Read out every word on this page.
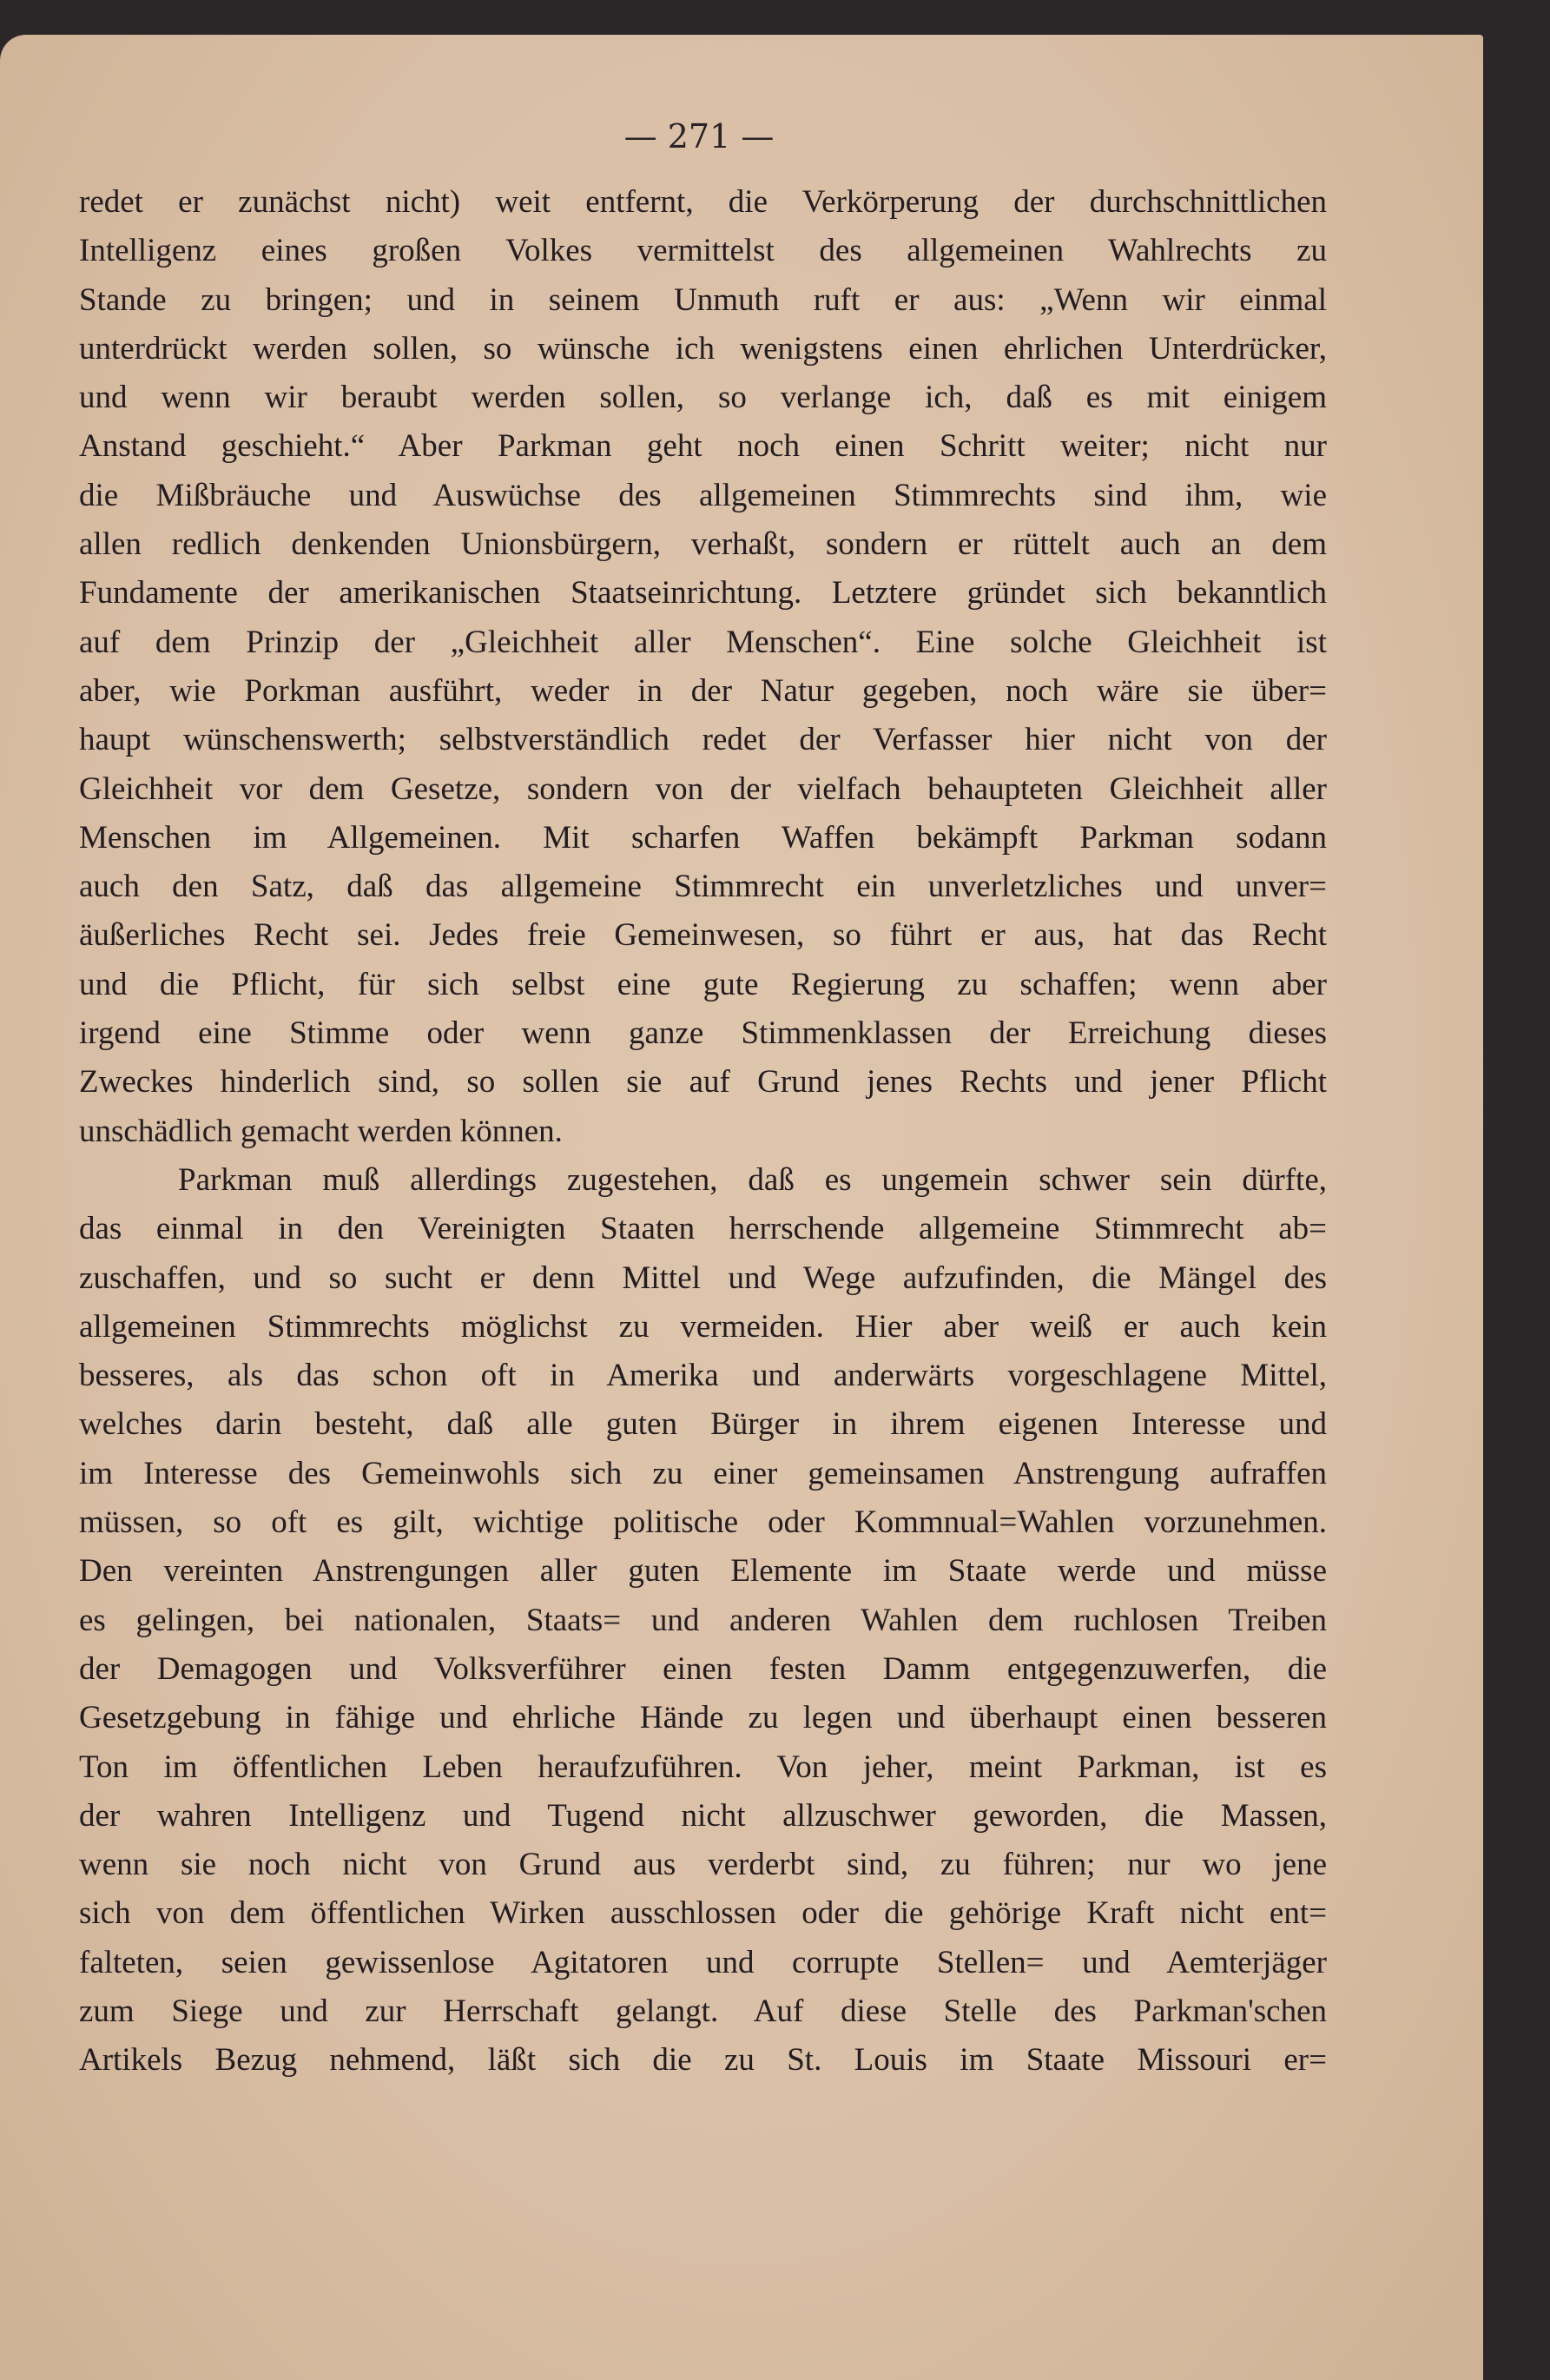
— 271 —
redet er zunächst nicht) weit entfernt, die Verkörperung der durchschnittlichen
Intelligenz eines großen Volkes vermittelst des allgemeinen Wahlrechts zu
Stande zu bringen; und in seinem Unmuth ruft er aus: „Wenn wir einmal
unterdrückt werden sollen, so wünsche ich wenigstens einen ehrlichen Unterdrücker,
und wenn wir beraubt werden sollen, so verlange ich, daß es mit einigem
Anstand geschieht.“ Aber Parkman geht noch einen Schritt weiter; nicht nur
die Mißbräuche und Auswüchse des allgemeinen Stimmrechts sind ihm, wie
allen redlich denkenden Unionsbürgern, verhaßt, sondern er rüttelt auch an dem
Fundamente der amerikanischen Staatseinrichtung. Letztere gründet sich bekanntlich
auf dem Prinzip der „Gleichheit aller Menschen“. Eine solche Gleichheit ist
aber, wie Porkman ausführt, weder in der Natur gegeben, noch wäre sie über=
haupt wünschenswerth; selbstverständlich redet der Verfasser hier nicht von der
Gleichheit vor dem Gesetze, sondern von der vielfach behaupteten Gleichheit aller
Menschen im Allgemeinen. Mit scharfen Waffen bekämpft Parkman sodann
auch den Satz, daß das allgemeine Stimmrecht ein unverletzliches und unver=
äußerliches Recht sei. Jedes freie Gemeinwesen, so führt er aus, hat das Recht
und die Pflicht, für sich selbst eine gute Regierung zu schaffen; wenn aber
irgend eine Stimme oder wenn ganze Stimmenklassen der Erreichung dieses
Zweckes hinderlich sind, so sollen sie auf Grund jenes Rechts und jener Pflicht
unschädlich gemacht werden können.
Parkman muß allerdings zugestehen, daß es ungemein schwer sein dürfte,
das einmal in den Vereinigten Staaten herrschende allgemeine Stimmrecht ab=
zuschaffen, und so sucht er denn Mittel und Wege aufzufinden, die Mängel des
allgemeinen Stimmrechts möglichst zu vermeiden. Hier aber weiß er auch kein
besseres, als das schon oft in Amerika und anderwärts vorgeschlagene Mittel,
welches darin besteht, daß alle guten Bürger in ihrem eigenen Interesse und
im Interesse des Gemeinwohls sich zu einer gemeinsamen Anstrengung aufraffen
müssen, so oft es gilt, wichtige politische oder Kommnual=Wahlen vorzunehmen.
Den vereinten Anstrengungen aller guten Elemente im Staate werde und müsse
es gelingen, bei nationalen, Staats= und anderen Wahlen dem ruchlosen Treiben
der Demagogen und Volksverführer einen festen Damm entgegenzuwerfen, die
Gesetzgebung in fähige und ehrliche Hände zu legen und überhaupt einen besseren
Ton im öffentlichen Leben heraufzuführen. Von jeher, meint Parkman, ist es
der wahren Intelligenz und Tugend nicht allzuschwer geworden, die Massen,
wenn sie noch nicht von Grund aus verderbt sind, zu führen; nur wo jene
sich von dem öffentlichen Wirken ausschlossen oder die gehörige Kraft nicht ent=
falteten, seien gewissenlose Agitatoren und corrupte Stellen= und Aemterjäger
zum Siege und zur Herrschaft gelangt. Auf diese Stelle des Parkman'schen
Artikels Bezug nehmend, läßt sich die zu St. Louis im Staate Missouri er=
